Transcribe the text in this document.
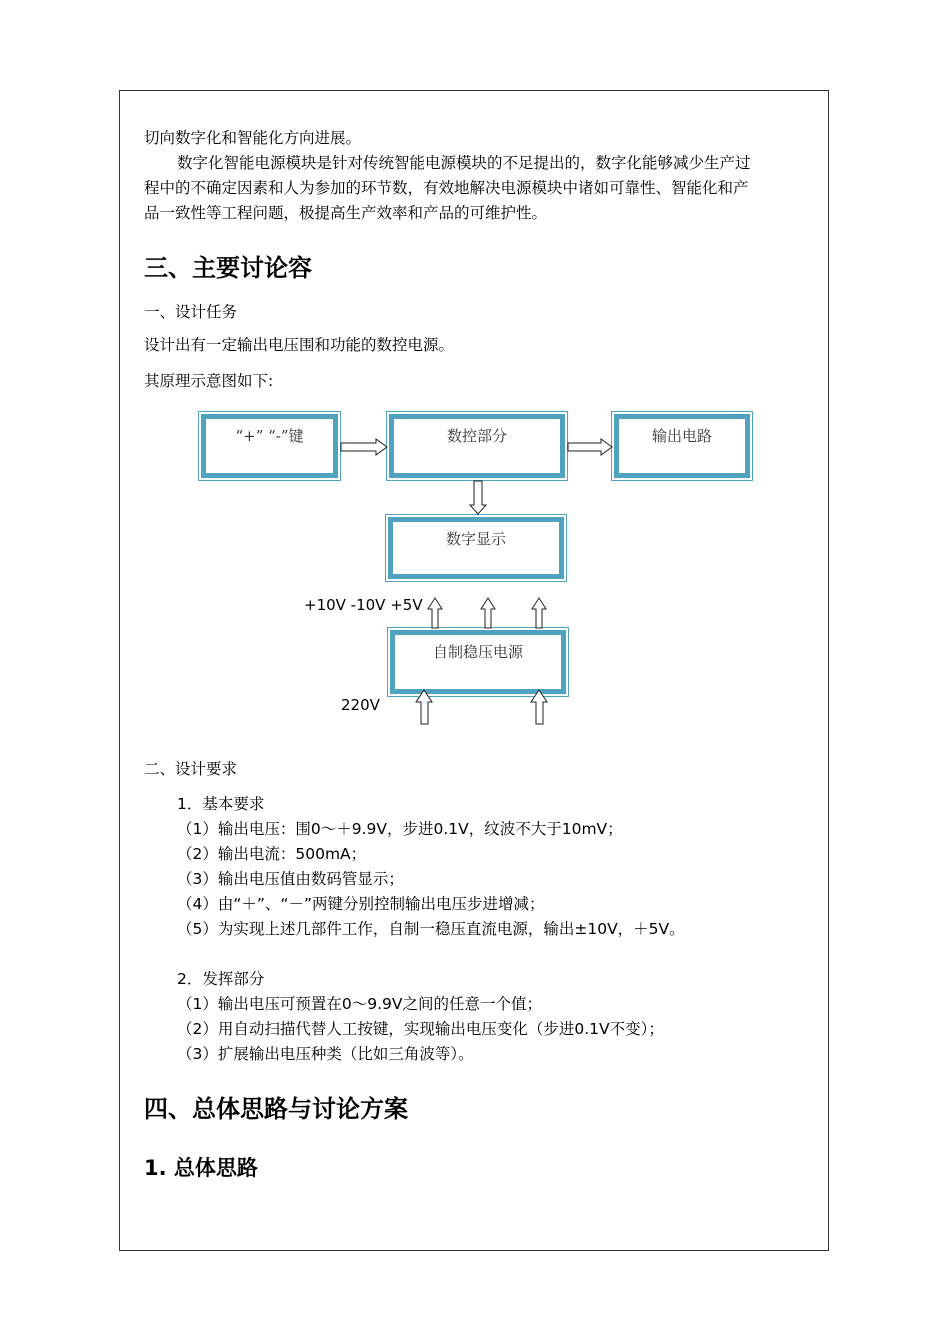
切向数字化和智能化方向进展。
数字化智能电源模块是针对传统智能电源模块的不足提出的，数字化能够减少生产过
程中的不确定因素和人为参加的环节数，有效地解决电源模块中诸如可靠性、智能化和产
品一致性等工程问题，极提高生产效率和产品的可维护性。
三、主要讨论容
一、设计任务
设计出有一定输出电压围和功能的数控电源。
其原理示意图如下:
“+” “-”键	数控部分	输出电路
数字显示
自制稳压电源
+10V -10V +5V
220V
二、设计要求
1．基本要求
（1）输出电压：围0～＋9.9V，步进0.1V，纹波不大于10mV；
（2）输出电流：500mA；
（3）输出电压值由数码管显示；
（4）由“＋”、“－”两键分别控制输出电压步进增减；
（5）为实现上述几部件工作，自制一稳压直流电源，输出±10V，＋5V。
2．发挥部分
（1）输出电压可预置在0～9.9V之间的任意一个值；
（2）用自动扫描代替人工按键，实现输出电压变化（步进0.1V不变）；
（3）扩展输出电压种类（比如三角波等）。
四、总体思路与讨论方案
1. 总体思路
